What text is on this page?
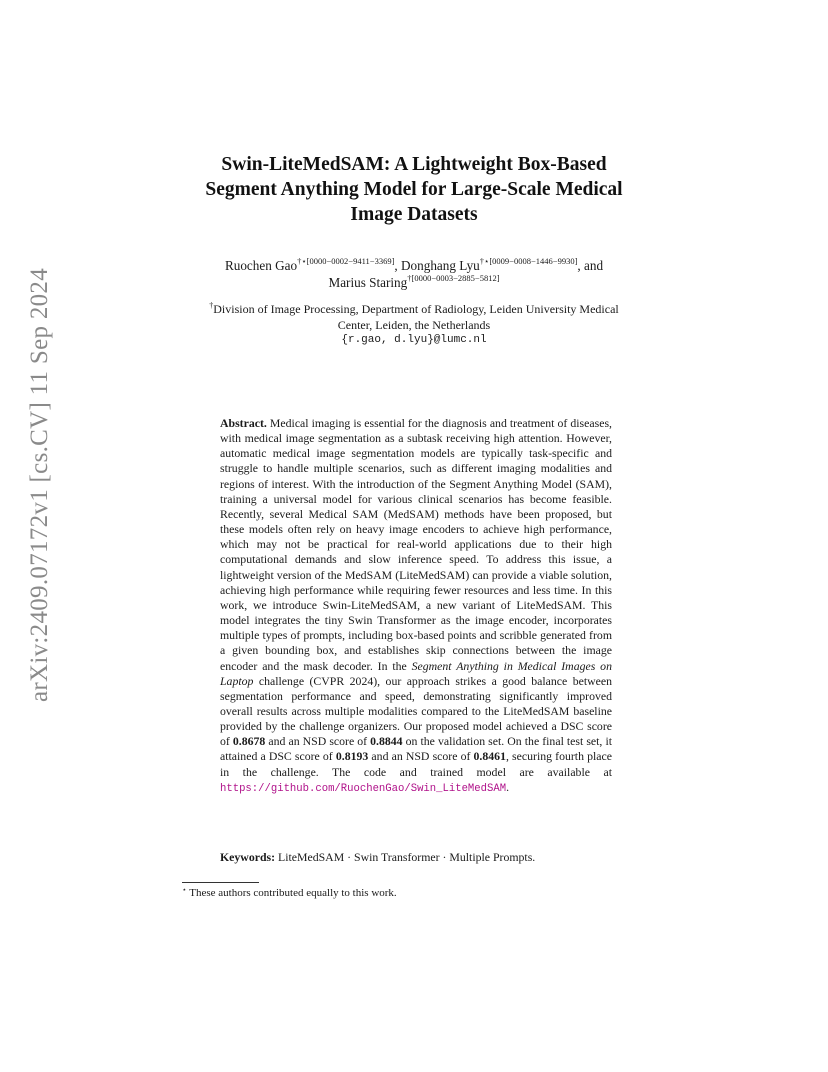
arXiv:2409.07172v1 [cs.CV] 11 Sep 2024
Swin-LiteMedSAM: A Lightweight Box-Based
Segment Anything Model for Large-Scale Medical
Image Datasets
Ruochen Gao$^{\dagger⋆[0000-0002-9411-3369]}$, Donghang Lyu$^{\dagger⋆[0009-0008-1446-9930]}$, and
Marius Staring$^{\dagger[0000-0003-2885-5812]}$
†Division of Image Processing, Department of Radiology, Leiden University Medical
Center, Leiden, the Netherlands
{r.gao, d.lyu}@lumc.nl
Abstract. Medical imaging is essential for the diagnosis and treatment of diseases, with medical image segmentation as a subtask receiving high attention. However, automatic medical image segmentation models are typically task-specific and struggle to handle multiple scenarios, such as different imaging modalities and regions of interest. With the introduction of the Segment Anything Model (SAM), training a universal model for various clinical scenarios has become feasible. Recently, several Medical SAM (MedSAM) methods have been proposed, but these models often rely on heavy image encoders to achieve high performance, which may not be practical for real-world applications due to their high computational demands and slow inference speed. To address this issue, a lightweight version of the MedSAM (LiteMedSAM) can provide a viable solution, achieving high performance while requiring fewer resources and less time. In this work, we introduce Swin-LiteMedSAM, a new variant of LiteMedSAM. This model integrates the tiny Swin Transformer as the image encoder, incorporates multiple types of prompts, including box-based points and scribble generated from a given bounding box, and establishes skip connections between the image encoder and the mask decoder. In the Segment Anything in Medical Images on Laptop challenge (CVPR 2024), our approach strikes a good balance between segmentation performance and speed, demonstrating significantly improved overall results across multiple modalities compared to the LiteMedSAM baseline provided by the challenge organizers. Our proposed model achieved a DSC score of 0.8678 and an NSD score of 0.8844 on the validation set. On the final test set, it attained a DSC score of 0.8193 and an NSD score of 0.8461, securing fourth place in the challenge. The code and trained model are available at https://github.com/RuochenGao/Swin_LiteMedSAM.
Keywords: LiteMedSAM · Swin Transformer · Multiple Prompts.
⋆ These authors contributed equally to this work.
